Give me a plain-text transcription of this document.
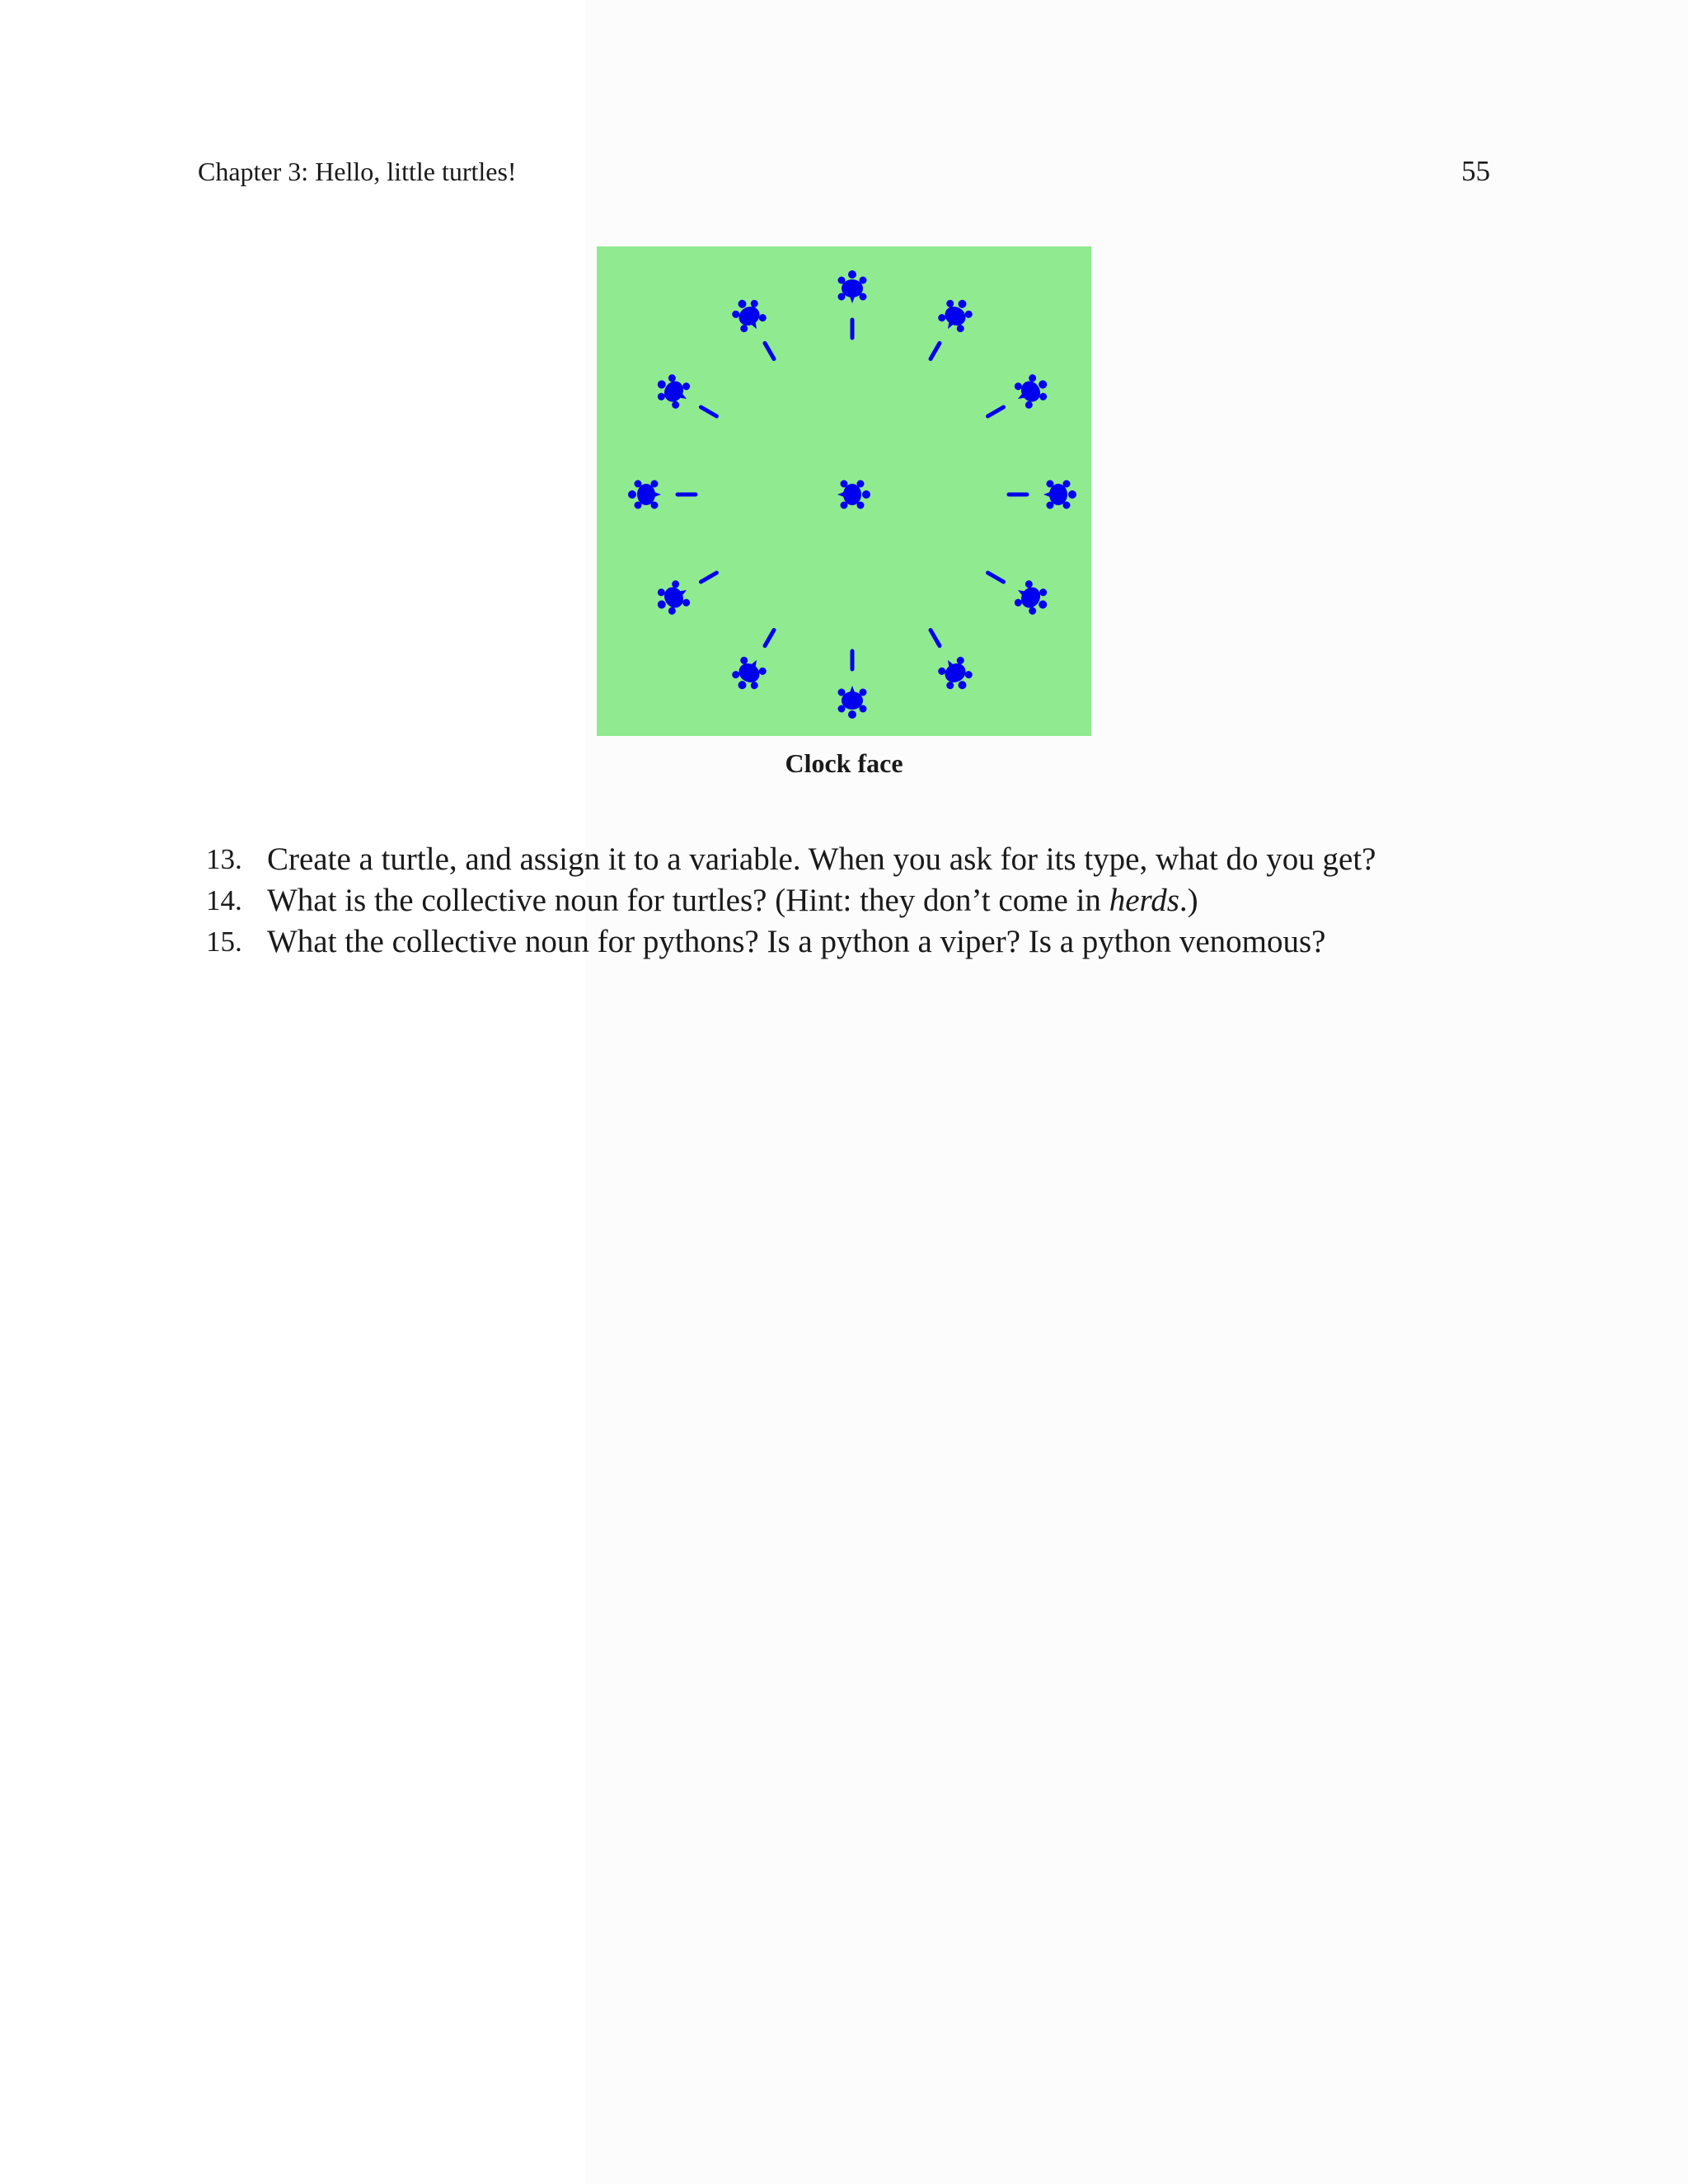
Chapter 3: Hello, little turtles!	55
Clock face
13. Create a turtle, and assign it to a variable. When you ask for its type, what do you get?
14. What is the collective noun for turtles? (Hint: they don’t come in herds.)
15. What the collective noun for pythons? Is a python a viper? Is a python venomous?
